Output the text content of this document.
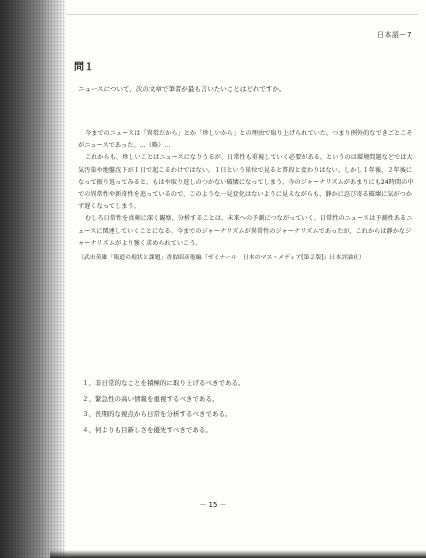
日本語ー7
問１
ニュースについて、次の文章で筆者が最も言いたいことはどれですか。

今までのニュースは「異常だから」とか「珍しいから」との理由で取り上げられていた。つまり例外的なできごとこそがニュースであった。…（略）…

これからも、珍しいことはニュースになりうるが、日常性も重視していく必要がある。というのは環境問題などでは大気汚染や地盤沈下が１日で起こるわけではない。１日という単位で見ると普段と変わりはない。しかし１年後、２年後になって振り返ってみると、もはや取り返しのつかない破壊になってしまう。今のジャーナリズムがあまりにも24時間の中での異常性や新奇性を追っているので、このような一見変化はないように見えながらも、静かに忍び寄る破壊に気がつかず遅くなってしまう。

むしろ日常性を真剣に深く観察、分析することは、未来への予測につながっていく。日常性のニュースは予測性あるニュースに関連していくことになる。今までのジャーナリズムが異常性のジャーナリズムであったが、これからは静かなジャーナリズムがより強く求められていこう。

（武市英雄「報道の現状と課題」香取昭彦他編『ゼミナール　日本のマス・メディア[第２版]』日本評論社）

１、非日常的なことを積極的に取り上げるべきである。
２、緊急性の高い情報を重視するべきである。
３、長期的な視点から日常を分析するべきである。
４、何よりも目新しさを優先すべきである。
－ 15 －
